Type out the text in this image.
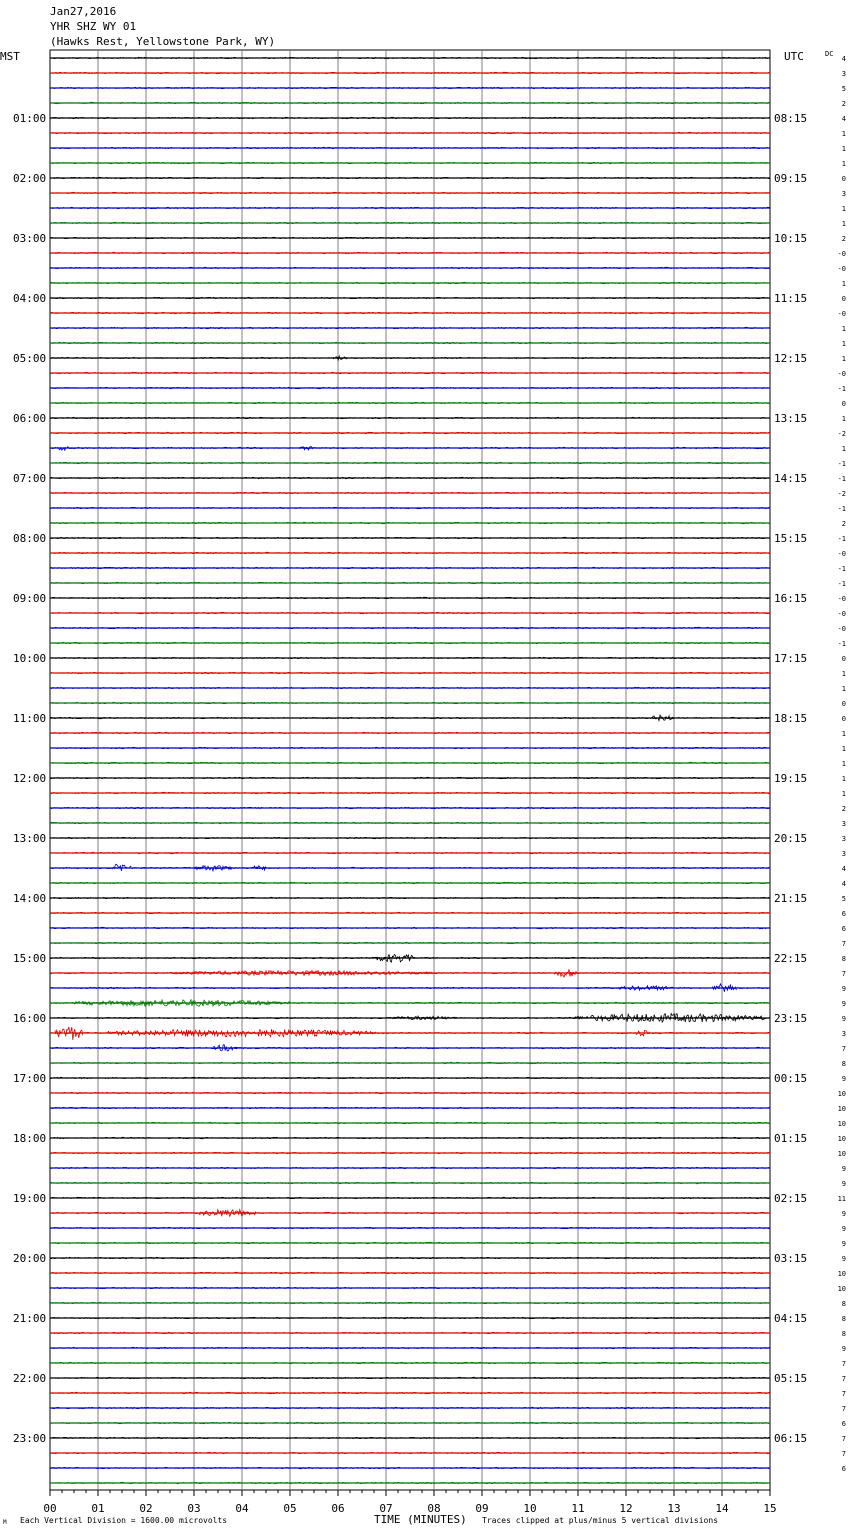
Jan27,2016
YHR SHZ WY 01
(Hawks Rest, Yellowstone Park, WY)
MST	UTC	DC
01:00
02:00
03:00
04:00
05:00
06:00
07:00
08:00
09:00
10:00
11:00
12:00
13:00
14:00
15:00
16:00
17:00
18:00
19:00
20:00
21:00
22:00
23:00
08:15
09:15
10:15
11:15
12:15
13:15
14:15
15:15
16:15
17:15
18:15
19:15
20:15
21:15
22:15
23:15
00:15
01:15
02:15
03:15
04:15
05:15
06:15
4
3
5
2
4
1
1
1
0
3
1
1
2
-0
-0
1
0
-0
1
1
1
-0
-1
0
1
-2
1
-1
-1
-2
-1
2
-1
-0
-1
-1
-0
-0
-0
-1
0
1
1
0
0
1
1
1
1
1
2
3
3
3
4
4
5
6
6
7
8
7
9
9
9
3
7
8
9
10
10
10
10
10
9
9
11
9
9
9
9
10
10
8
8
8
9
7
7
7
7
6
7
7
6
00	01	02	03	04	05	06	07	08	09	10	11	12	13	14	15
M Each Vertical Division = 1600.00 microvolts	TIME (MINUTES) Traces clipped at plus/minus 5 vertical divisions
